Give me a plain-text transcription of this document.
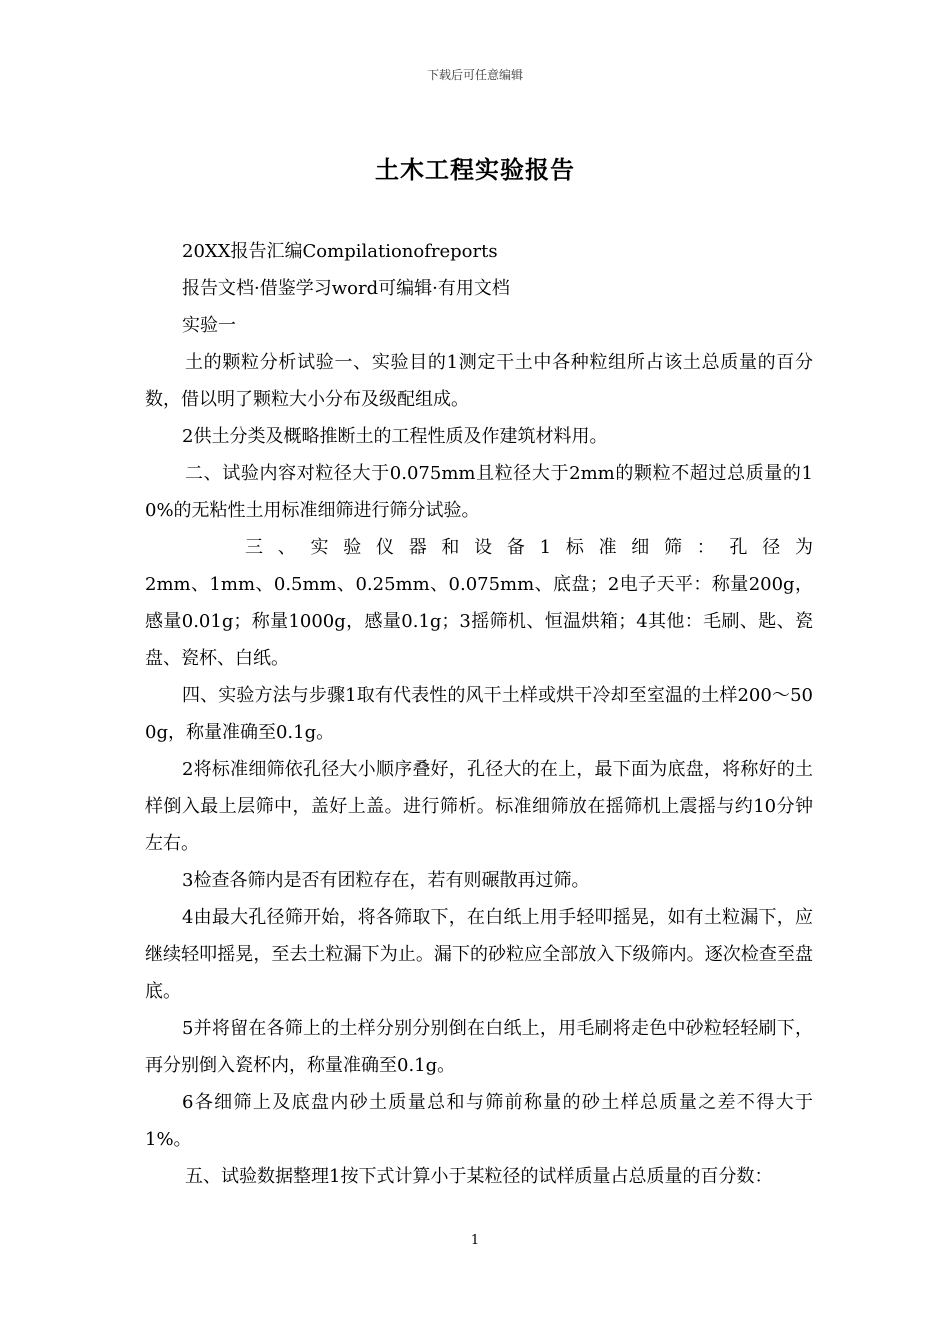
下载后可任意编辑
土木工程实验报告

20XX报告汇编Compilationofreports

报告文档·借鉴学习word可编辑·有用文档

实验一

土的颗粒分析试验一、实验目的1测定干土中各种粒组所占该土总质量的百分数，借以明了颗粒大小分布及级配组成。

2供土分类及概略推断土的工程性质及作建筑材料用。

二、试验内容对粒径大于0.075mm且粒径大于2mm的颗粒不超过总质量的10%的无粘性土用标准细筛进行筛分试验。

三、实验仪器和设备1标准细筛：孔径为

2mm、1mm、0.5mm、0.25mm、0.075mm、底盘；2电子天平：称量200g，感量0.01g；称量1000g，感量0.1g；3摇筛机、恒温烘箱；4其他：毛刷、匙、瓷盘、瓷杯、白纸。

四、实验方法与步骤1取有代表性的风干土样或烘干冷却至室温的土样200～500g，称量准确至0.1g。

2将标准细筛依孔径大小顺序叠好，孔径大的在上，最下面为底盘，将称好的土样倒入最上层筛中，盖好上盖。进行筛析。标准细筛放在摇筛机上震摇与约10分钟左右。

3检查各筛内是否有团粒存在，若有则碾散再过筛。

4由最大孔径筛开始，将各筛取下，在白纸上用手轻叩摇晃，如有土粒漏下，应继续轻叩摇晃，至去土粒漏下为止。漏下的砂粒应全部放入下级筛内。逐次检查至盘底。

5并将留在各筛上的土样分别分别倒在白纸上，用毛刷将走色中砂粒轻轻刷下，再分别倒入瓷杯内，称量准确至0.1g。

6各细筛上及底盘内砂土质量总和与筛前称量的砂土样总质量之差不得大于1%。

五、试验数据整理1按下式计算小于某粒径的试样质量占总质量的百分数：

1
